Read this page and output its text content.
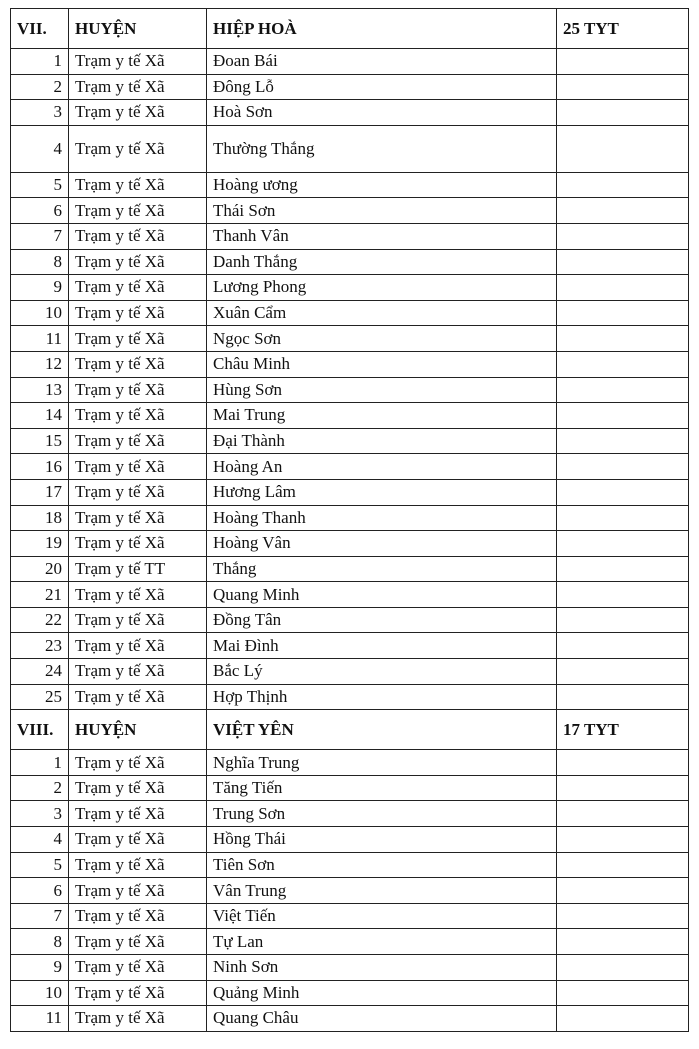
VII.	HUYỆN	HIỆP HOÀ	25 TYT
1	Trạm y tế Xã	Đoan Bái	
2	Trạm y tế Xã	Đông Lỗ	
3	Trạm y tế Xã	Hoà Sơn	
4	Trạm y tế Xã	Thường Thắng	
5	Trạm y tế Xã	Hoàng ương	
6	Trạm y tế Xã	Thái Sơn	
7	Trạm y tế Xã	Thanh Vân	
8	Trạm y tế Xã	Danh Thắng	
9	Trạm y tế Xã	Lương Phong	
10	Trạm y tế Xã	Xuân Cẩm	
11	Trạm y tế Xã	Ngọc Sơn	
12	Trạm y tế Xã	Châu Minh	
13	Trạm y tế Xã	Hùng Sơn	
14	Trạm y tế Xã	Mai Trung	
15	Trạm y tế Xã	Đại Thành	
16	Trạm y tế Xã	Hoàng An	
17	Trạm y tế Xã	Hương Lâm	
18	Trạm y tế Xã	Hoàng Thanh	
19	Trạm y tế Xã	Hoàng Vân	
20	Trạm y tế TT	Thắng	
21	Trạm y tế Xã	Quang Minh	
22	Trạm y tế Xã	Đồng Tân	
23	Trạm y tế Xã	Mai Đình	
24	Trạm y tế Xã	Bắc Lý	
25	Trạm y tế Xã	Hợp Thịnh	
VIII.	HUYỆN	VIỆT YÊN	17 TYT
1	Trạm y tế Xã	Nghĩa Trung	
2	Trạm y tế Xã	Tăng Tiến	
3	Trạm y tế Xã	Trung Sơn	
4	Trạm y tế Xã	Hồng Thái	
5	Trạm y tế Xã	Tiên Sơn	
6	Trạm y tế Xã	Vân Trung	
7	Trạm y tế Xã	Việt Tiến	
8	Trạm y tế Xã	Tự Lan	
9	Trạm y tế Xã	Ninh Sơn	
10	Trạm y tế Xã	Quảng Minh	
11	Trạm y tế Xã	Quang Châu	
